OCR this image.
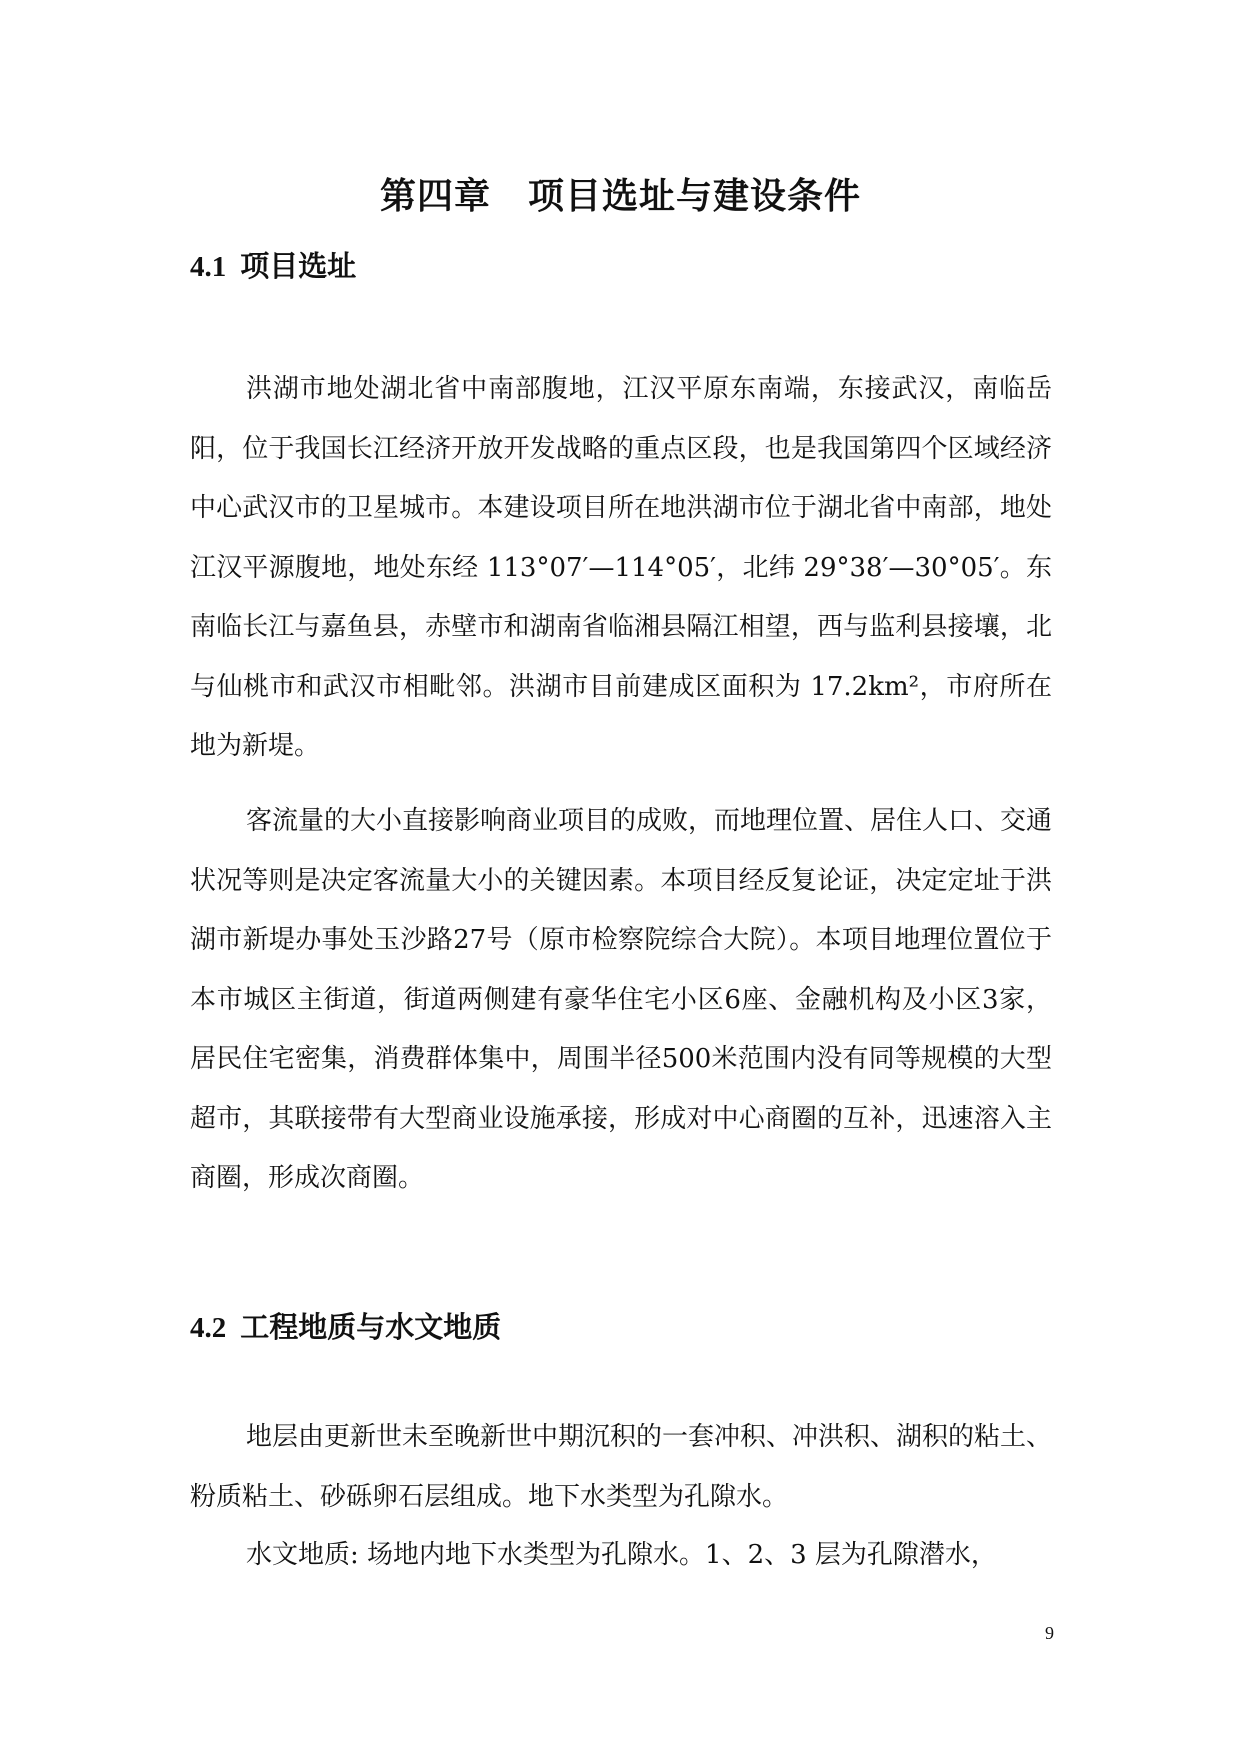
第四章　项目选址与建设条件
4.1 项目选址

洪湖市地处湖北省中南部腹地，江汉平原东南端，东接武汉，南临岳阳，位于我国长江经济开放开发战略的重点区段，也是我国第四个区域经济中心武汉市的卫星城市。本建设项目所在地洪湖市位于湖北省中南部，地处江汉平源腹地，地处东经 113°07′—114°05′，北纬 29°38′—30°05′。东南临长江与嘉鱼县，赤壁市和湖南省临湘县隔江相望，西与监利县接壤，北与仙桃市和武汉市相毗邻。洪湖市目前建成区面积为 17.2km²，市府所在地为新堤。

客流量的大小直接影响商业项目的成败，而地理位置、居住人口、交通状况等则是决定客流量大小的关键因素。本项目经反复论证，决定定址于洪湖市新堤办事处玉沙路27号（原市检察院综合大院）。本项目地理位置位于本市城区主街道，街道两侧建有豪华住宅小区6座、金融机构及小区3家，居民住宅密集，消费群体集中，周围半径500米范围内没有同等规模的大型超市，其联接带有大型商业设施承接，形成对中心商圈的互补，迅速溶入主商圈，形成次商圈。

4.2 工程地质与水文地质

地层由更新世未至晚新世中期沉积的一套冲积、冲洪积、湖积的粘土、粉质粘土、砂砾卵石层组成。地下水类型为孔隙水。

水文地质: 场地内地下水类型为孔隙水。1、2、3 层为孔隙潜水，

9
